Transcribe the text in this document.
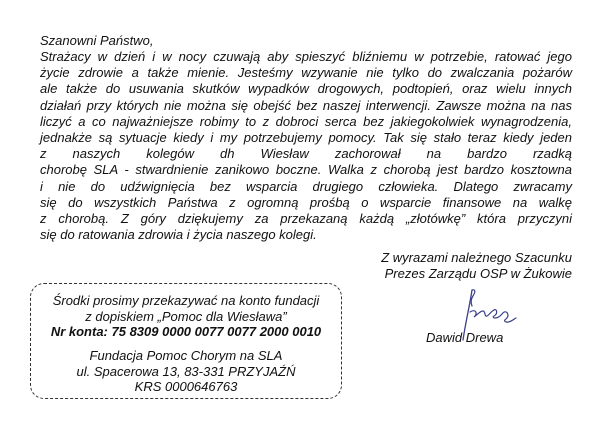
Szanowni Państwo,

Strażacy w dzień i w nocy czuwają aby spieszyć bliźniemu w potrzebie, ratować jego
życie zdrowie a także mienie. Jesteśmy wzywanie nie tylko do zwalczania pożarów
ale także do usuwania skutków wypadków drogowych, podtopień, oraz wielu innych
działań przy których nie można się obejść bez naszej interwencji. Zawsze można na nas
liczyć a co najważniejsze robimy to z dobroci serca bez jakiegokolwiek wynagrodzenia,
jednakże są sytuacje kiedy i my potrzebujemy pomocy. Tak się stało teraz kiedy jeden
z naszych kolegów dh Wiesław zachorował na bardzo rzadką
chorobę SLA - stwardnienie zanikowo boczne. Walka z chorobą jest bardzo kosztowna
i nie do udźwignięcia bez wsparcia drugiego człowieka. Dlatego zwracamy
się do wszystkich Państwa z ogromną prośbą o wsparcie finansowe na walkę
z chorobą. Z góry dziękujemy za przekazaną każdą „złotówkę” która przyczyni
się do ratowania zdrowia i życia naszego kolegi.

Z wyrazami należnego Szacunku
Prezes Zarządu OSP w Żukowie
Dawid Drewa
Środki prosimy przekazywać na konto fundacji
z dopiskiem „Pomoc dla Wiesława”
Nr konta: 75 8309 0000 0077 0077 2000 0010
Fundacja Pomoc Chorym na SLA
ul. Spacerowa 13, 83-331 PRZYJAŹŃ
KRS 0000646763
